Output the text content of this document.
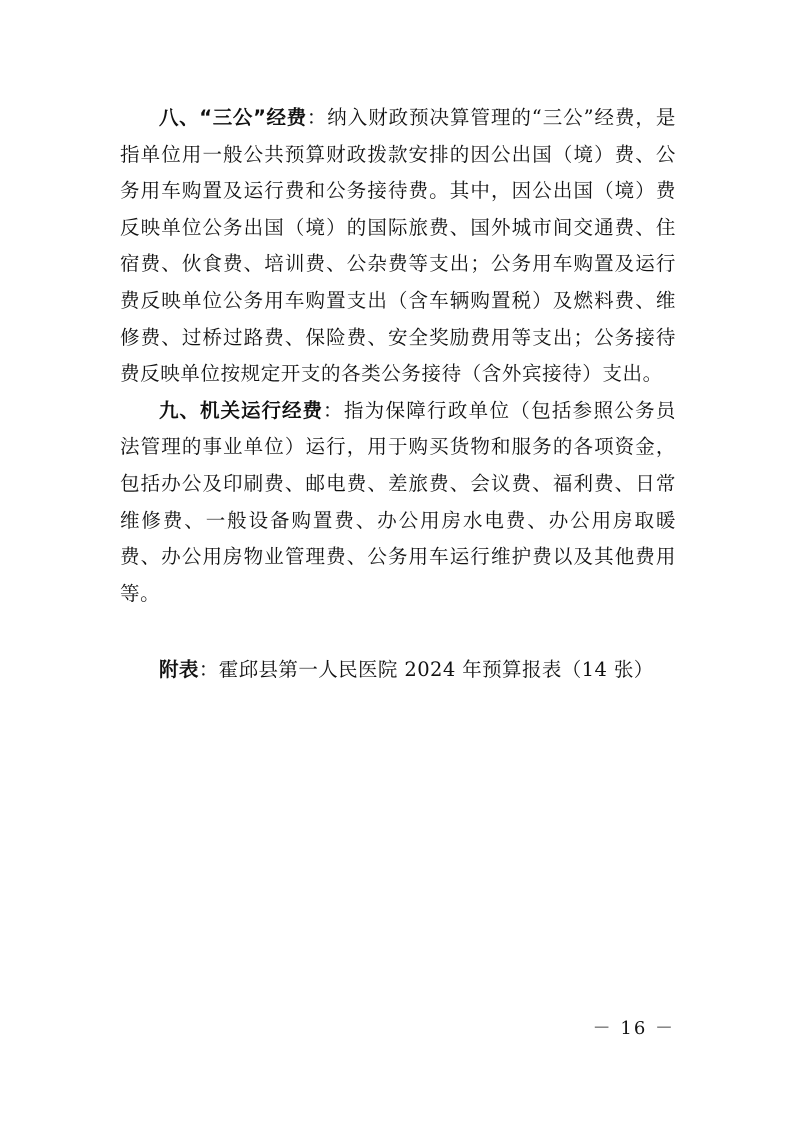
八、“三公”经费：纳入财政预决算管理的“三公”经费，是指单位用一般公共预算财政拨款安排的因公出国（境）费、公务用车购置及运行费和公务接待费。其中，因公出国（境）费反映单位公务出国（境）的国际旅费、国外城市间交通费、住宿费、伙食费、培训费、公杂费等支出；公务用车购置及运行费反映单位公务用车购置支出（含车辆购置税）及燃料费、维修费、过桥过路费、保险费、安全奖励费用等支出；公务接待费反映单位按规定开支的各类公务接待（含外宾接待）支出。

九、机关运行经费：指为保障行政单位（包括参照公务员法管理的事业单位）运行，用于购买货物和服务的各项资金，包括办公及印刷费、邮电费、差旅费、会议费、福利费、日常维修费、一般设备购置费、办公用房水电费、办公用房取暖费、办公用房物业管理费、公务用车运行维护费以及其他费用等。

附表：霍邱县第一人民医院 2024 年预算报表（14 张）

－ 16 －
